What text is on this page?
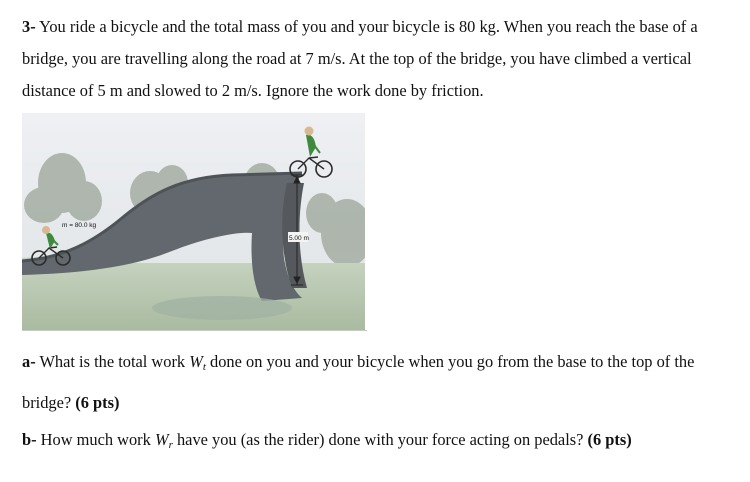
3- You ride a bicycle and the total mass of you and your bicycle is 80 kg. When you reach the base of a bridge, you are travelling along the road at 7 m/s. At the top of the bridge, you have climbed a vertical distance of 5 m and slowed to 2 m/s. Ignore the work done by friction.

5.00 m
m = 80.0 kg

a- What is the total work $W_t$ done on you and your bicycle when you go from the base to the top of the bridge? (6 pts)

b- How much work $W_r$ have you (as the rider) done with your force acting on pedals? (6 pts)
